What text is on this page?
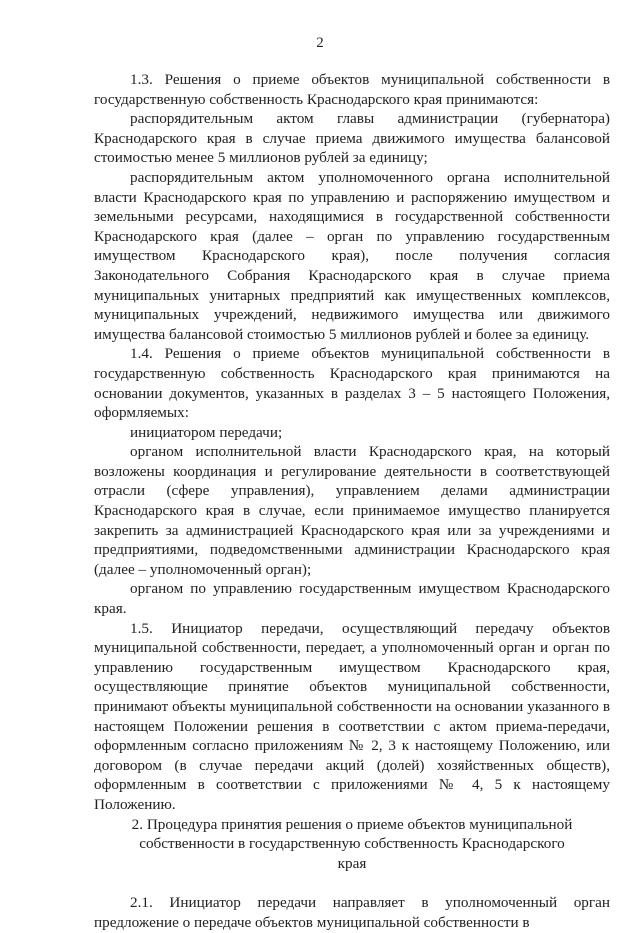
2

1.3. Решения о приеме объектов муниципальной собственности в государственную собственность Краснодарского края принимаются:

распорядительным актом главы администрации (губернатора) Краснодарского края в случае приема движимого имущества балансовой стоимостью менее 5 миллионов рублей за единицу;

распорядительным актом уполномоченного органа исполнительной власти Краснодарского края по управлению и распоряжению имуществом и земельными ресурсами, находящимися в государственной собственности Краснодарского края (далее – орган по управлению государственным имуществом Краснодарского края), после получения согласия Законодательного Собрания Краснодарского края в случае приема муниципальных унитарных предприятий как имущественных комплексов, муниципальных учреждений, недвижимого имущества или движимого имущества балансовой стоимостью 5 миллионов рублей и более за единицу.

1.4. Решения о приеме объектов муниципальной собственности в государственную собственность Краснодарского края принимаются на основании документов, указанных в разделах 3 – 5 настоящего Положения, оформляемых:

инициатором передачи;

органом исполнительной власти Краснодарского края, на который возложены координация и регулирование деятельности в соответствующей отрасли (сфере управления), управлением делами администрации Краснодарского края в случае, если принимаемое имущество планируется закрепить за администрацией Краснодарского края или за учреждениями и предприятиями, подведомственными администрации Краснодарского края (далее – уполномоченный орган);

органом по управлению государственным имуществом Краснодарского края.

1.5. Инициатор передачи, осуществляющий передачу объектов муниципальной собственности, передает, а уполномоченный орган и орган по управлению государственным имуществом Краснодарского края, осуществляющие принятие объектов муниципальной собственности, принимают объекты муниципальной собственности на основании указанного в настоящем Положении решения в соответствии с актом приема-передачи, оформленным согласно приложениям № 2, 3 к настоящему Положению, или договором (в случае передачи акций (долей) хозяйственных обществ), оформленным в соответствии с приложениями № 4, 5 к настоящему Положению.

2. Процедура принятия решения о приеме объектов муниципальной собственности в государственную собственность Краснодарского края

2.1. Инициатор передачи направляет в уполномоченный орган предложение о передаче объектов муниципальной собственности в
